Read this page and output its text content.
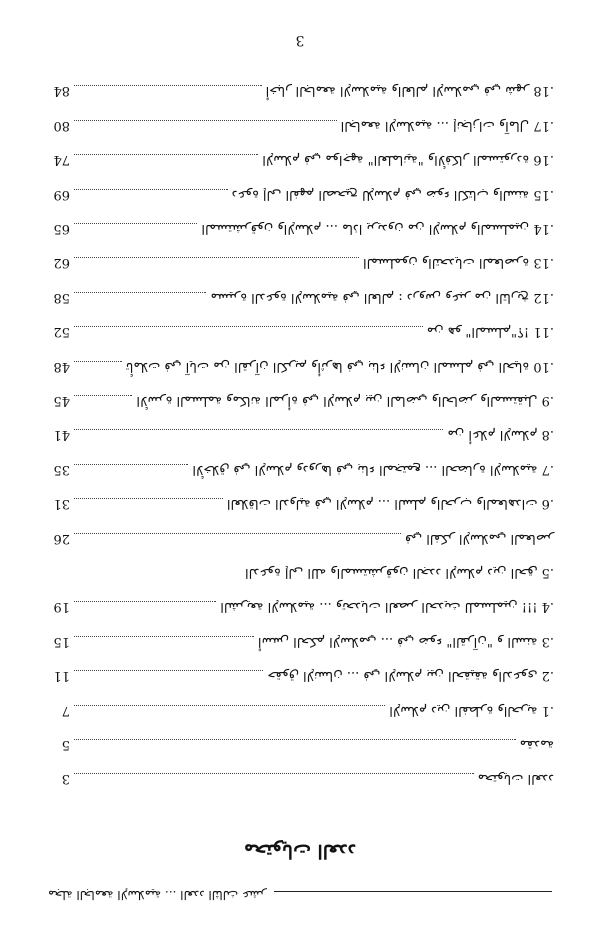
مجلة الجامعة الإسلامية ... العدد الثالث عشر
محتويات العدد
محتويات العدد
3
مقدمة
5
الإسلام دين الفطرة والحرية 1.
7
حقوق الإنسان ... في الإسلام بين الحقيقة والدعوى 2.
11
أسس الحكم الإسلامي ... في ضوء "القرآن" و السنة 3.
15
الشريعة الإسلامية ... وتحديات العصر الحديث للمسلمين !!! 4.
19
الدعوة إلى الله والمستشرقون الجدد الإسلام دين الحق 5.
في الفكر الإسلامي المعاصر
26
العلاقات الدولية في الإسلام ... السلم والحرب والمعاهدات 6.
31
الأخلاق في الإسلام ودورها في بناء المجتمع ... الحضارة الإسلامية 7.
35
من أعلام الإسلام 8.
41
الأسرة المسلمة ومكانة المرأة في الإسلام بين الماضي والحاضر والمستقبل 9.
45
تأملات في آيات من القرآن الكريم وأثرها في بناء الإنسان المسلم في الحياة 10.
48
من هو "المسلم"؟! 11.
52
مسيرة الدعوة الإسلامية في العالم : دروس وعبر من التاريخ 12.
58
المسلمون والتحديات المعاصرة 13.
62
المستشرقون والإسلام ... ماذا يريدون من الإسلام والمسلمين 14.
65
دعوة إلى الفهم الصحيح للإسلام في ضوء الكتاب والسنة 15.
69
الإسلام في مواجهة "العلمانية" والأفكار المستوردة 16.
74
الجامعة الإسلامية ... إنجازات وآمال 17.
80
أخبار الجامعة الإسلامية والعالم الإسلامي في شهر 18.
84
3
